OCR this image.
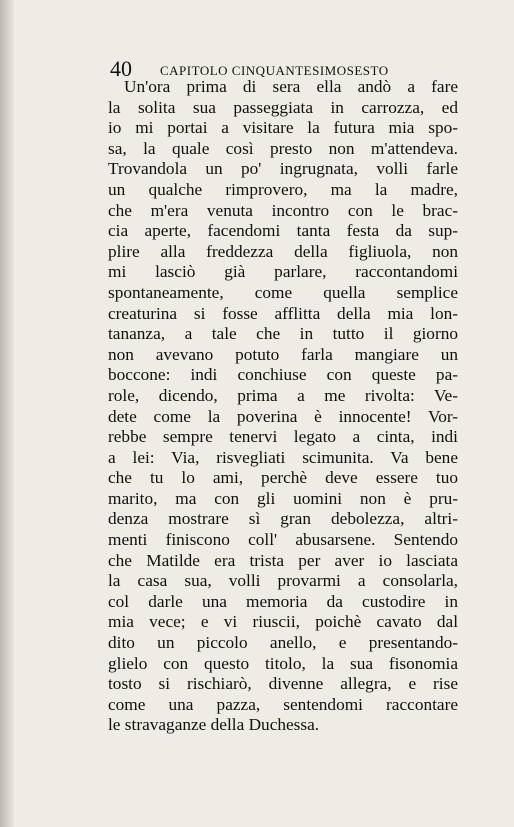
40 CAPITOLO CINQUANTESIMOSESTO
Un'ora prima di sera ella andò a fare
la solita sua passeggiata in carrozza, ed
io mi portai a visitare la futura mia spo-
sa, la quale così presto non m'attendeva.
Trovandola un po' ingrugnata, volli farle
un qualche rimprovero, ma la madre,
che m'era venuta incontro con le brac-
cia aperte, facendomi tanta festa da sup-
plire alla freddezza della figliuola, non
mi lasciò già parlare, raccontandomi
spontaneamente, come quella semplice
creaturina si fosse afflitta della mia lon-
tananza, a tale che in tutto il giorno
non avevano potuto farla mangiare un
boccone: indi conchiuse con queste pa-
role, dicendo, prima a me rivolta: Ve-
dete come la poverina è innocente! Vor-
rebbe sempre tenervi legato a cinta, indi
a lei: Via, risvegliati scimunita. Va bene
che tu lo ami, perchè deve essere tuo
marito, ma con gli uomini non è pru-
denza mostrare sì gran debolezza, altri-
menti finiscono coll' abusarsene. Sentendo
che Matilde era trista per aver io lasciata
la casa sua, volli provarmi a consolarla,
col darle una memoria da custodire in
mia vece; e vi riuscii, poichè cavato dal
dito un piccolo anello, e presentando-
glielo con questo titolo, la sua fisonomia
tosto si rischiarò, divenne allegra, e rise
come una pazza, sentendomi raccontare
le stravaganze della Duchessa.
